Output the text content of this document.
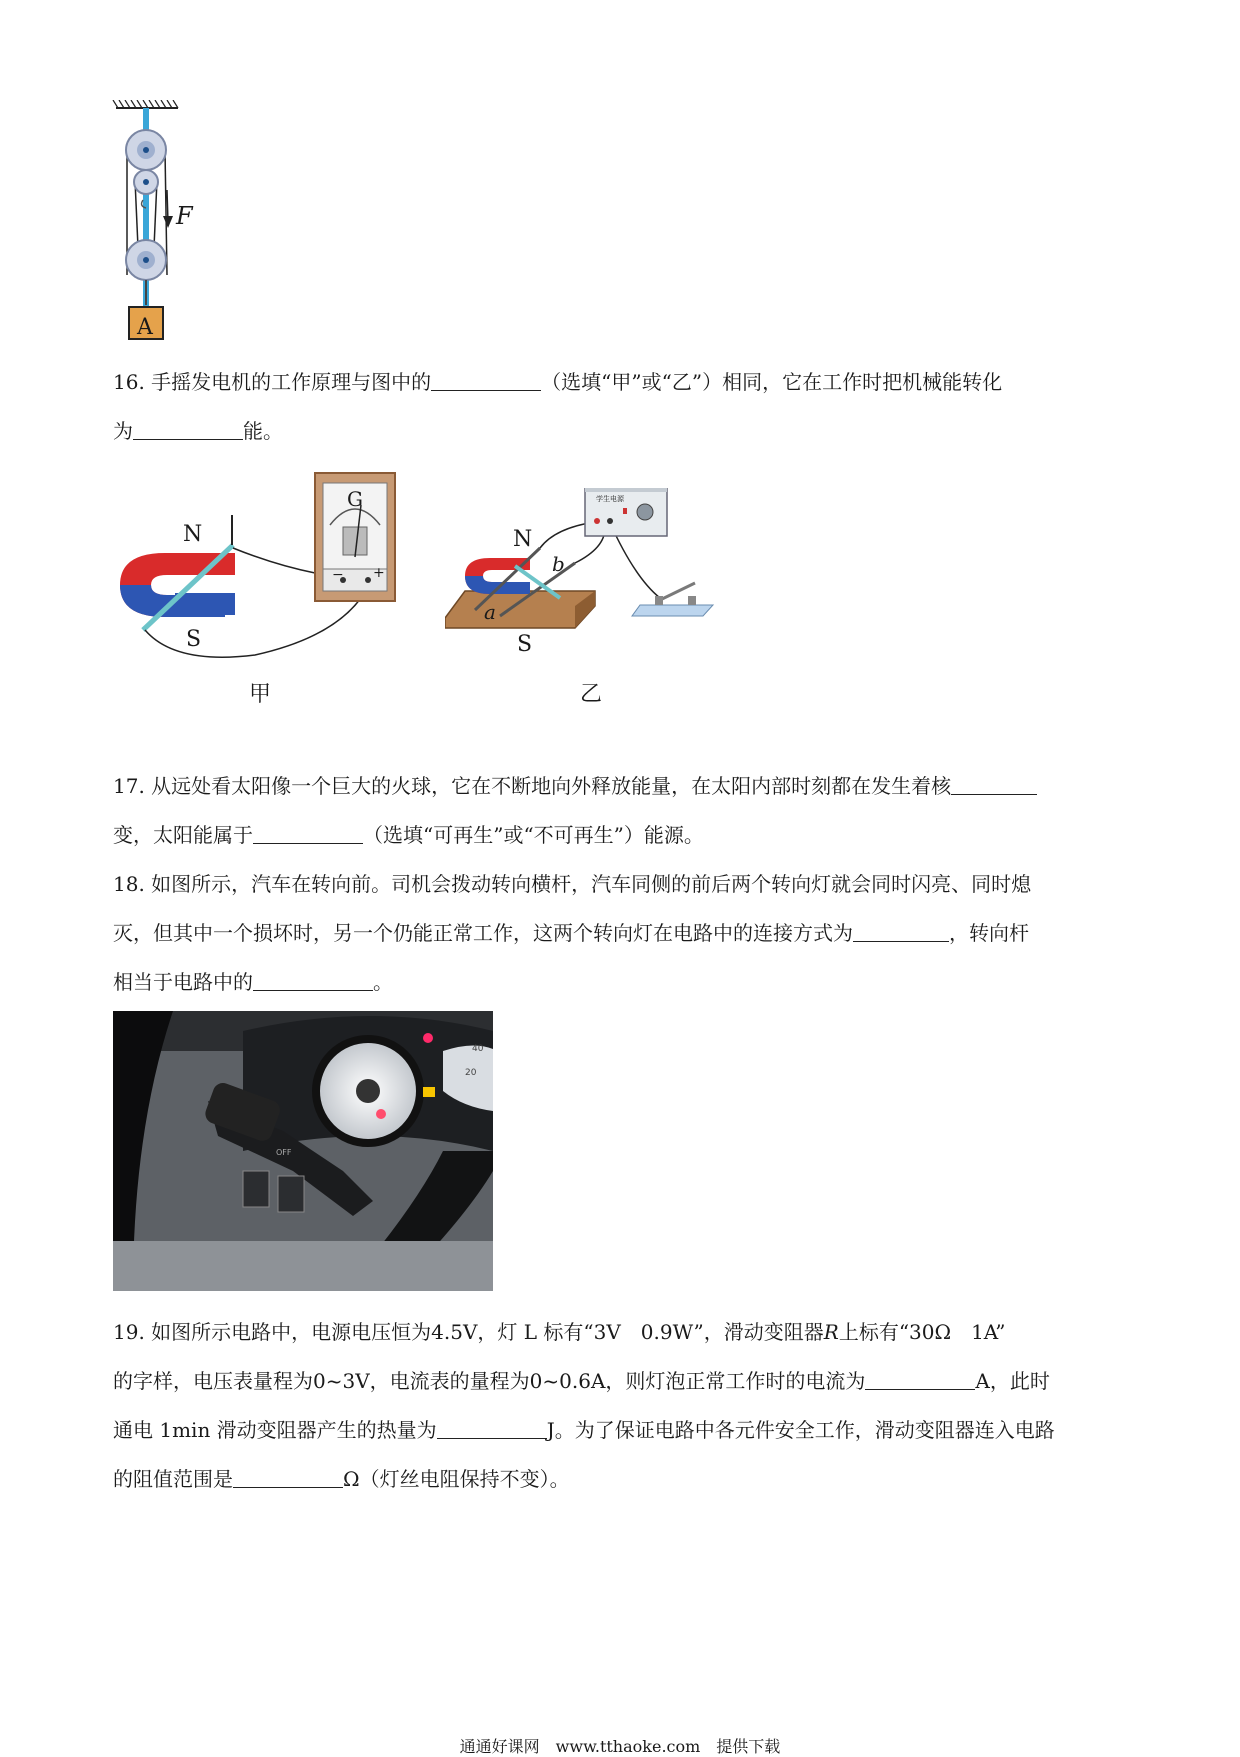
F
A
16. 手摇发电机的工作原理与图中的	（选填“甲”或“乙”）相同，它在工作时把机械能转化
为	能。
N
S
G
− +
甲
N
S
a
b
学生电源
乙
17. 从远处看太阳像一个巨大的火球，它在不断地向外释放能量，在太阳内部时刻都在发生着核
变，太阳能属于	（选填“可再生”或“不可再生”）能源。
18. 如图所示，汽车在转向前。司机会拨动转向横杆，汽车同侧的前后两个转向灯就会同时闪亮、同时熄
灭，但其中一个损坏时，另一个仍能正常工作，这两个转向灯在电路中的连接方式为	，转向杆
相当于电路中的	。
40
20
OFF
19. 如图所示电路中，电源电压恒为4.5V，灯 L 标有“3V　0.9W”，滑动变阻器R上标有“30Ω　1A”
的字样，电压表量程为0~3V，电流表的量程为0~0.6A，则灯泡正常工作时的电流为	A，此时
通电 1min 滑动变阻器产生的热量为	J。为了保证电路中各元件安全工作，滑动变阻器连入电路
的阻值范围是	Ω（灯丝电阻保持不变）。
通通好课网　www.tthaoke.com　提供下载
